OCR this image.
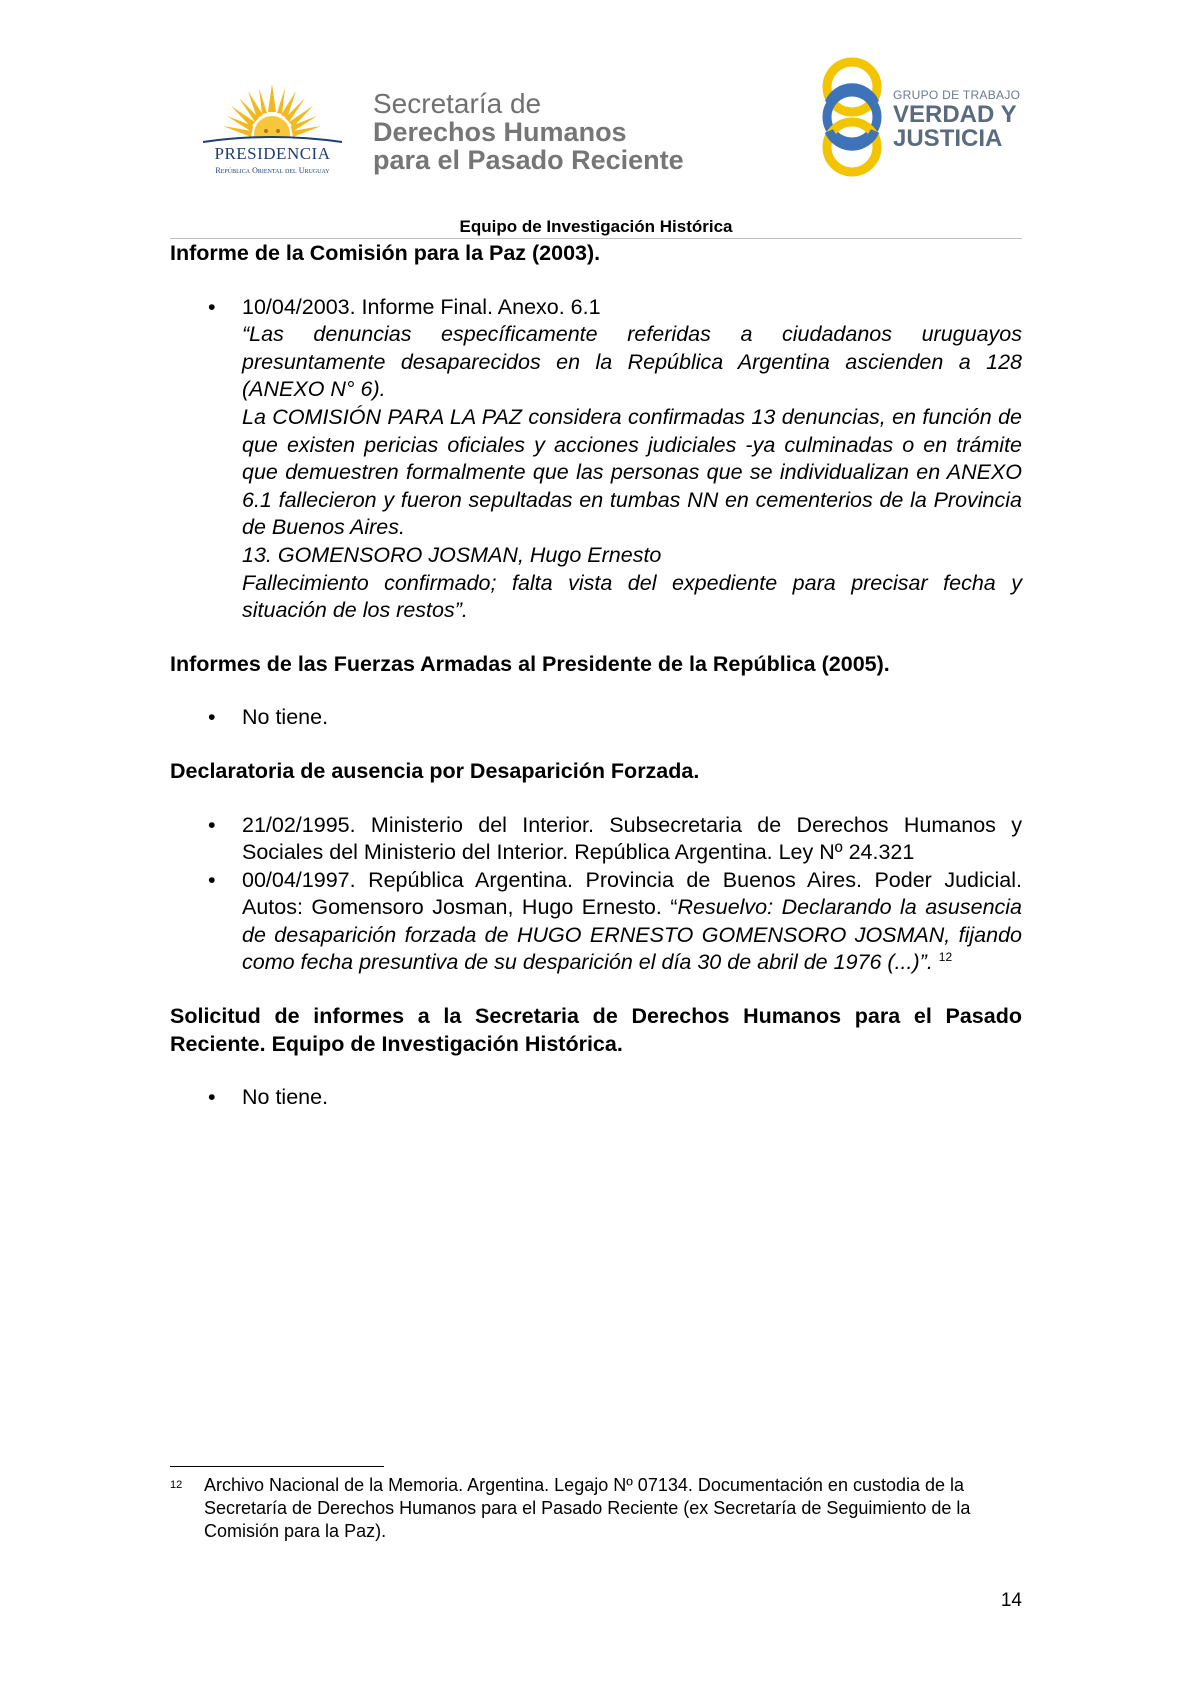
PRESIDENCIA
República Oriental del Uruguay
Secretaría de
Derechos Humanos
para el Pasado Reciente
GRUPO DE TRABAJO
VERDAD Y
JUSTICIA
Equipo de Investigación Histórica

Informe de la Comisión para la Paz (2003).

• 10/04/2003. Informe Final. Anexo. 6.1
“Las denuncias específicamente referidas a ciudadanos uruguayos presuntamente desaparecidos en la República Argentina ascienden a 128 (ANEXO N° 6).
La COMISIÓN PARA LA PAZ considera confirmadas 13 denuncias, en función de que existen pericias oficiales y acciones judiciales -ya culminadas o en trámite que demuestren formalmente que las personas que se individualizan en ANEXO 6.1 fallecieron y fueron sepultadas en tumbas NN en cementerios de la Provincia de Buenos Aires.
13. GOMENSORO JOSMAN, Hugo Ernesto
Fallecimiento confirmado; falta vista del expediente para precisar fecha y situación de los restos”.

Informes de las Fuerzas Armadas al Presidente de la República (2005).

• No tiene.

Declaratoria de ausencia por Desaparición Forzada.

• 21/02/1995. Ministerio del Interior. Subsecretaria de Derechos Humanos y Sociales del Ministerio del Interior. República Argentina. Ley Nº 24.321
• 00/04/1997. República Argentina. Provincia de Buenos Aires. Poder Judicial. Autos: Gomensoro Josman, Hugo Ernesto. “Resuelvo: Declarando la asusencia de desaparición forzada de HUGO ERNESTO GOMENSORO JOSMAN, fijando como fecha presuntiva de su desparición el día 30 de abril de 1976 (...)”. $^{12}$

Solicitud de informes a la Secretaria de Derechos Humanos para el Pasado Reciente. Equipo de Investigación Histórica.

• No tiene.
12	Archivo Nacional de la Memoria. Argentina. Legajo Nº 07134. Documentación en custodia de la Secretaría de Derechos Humanos para el Pasado Reciente (ex Secretaría de Seguimiento de la Comisión para la Paz).
14
